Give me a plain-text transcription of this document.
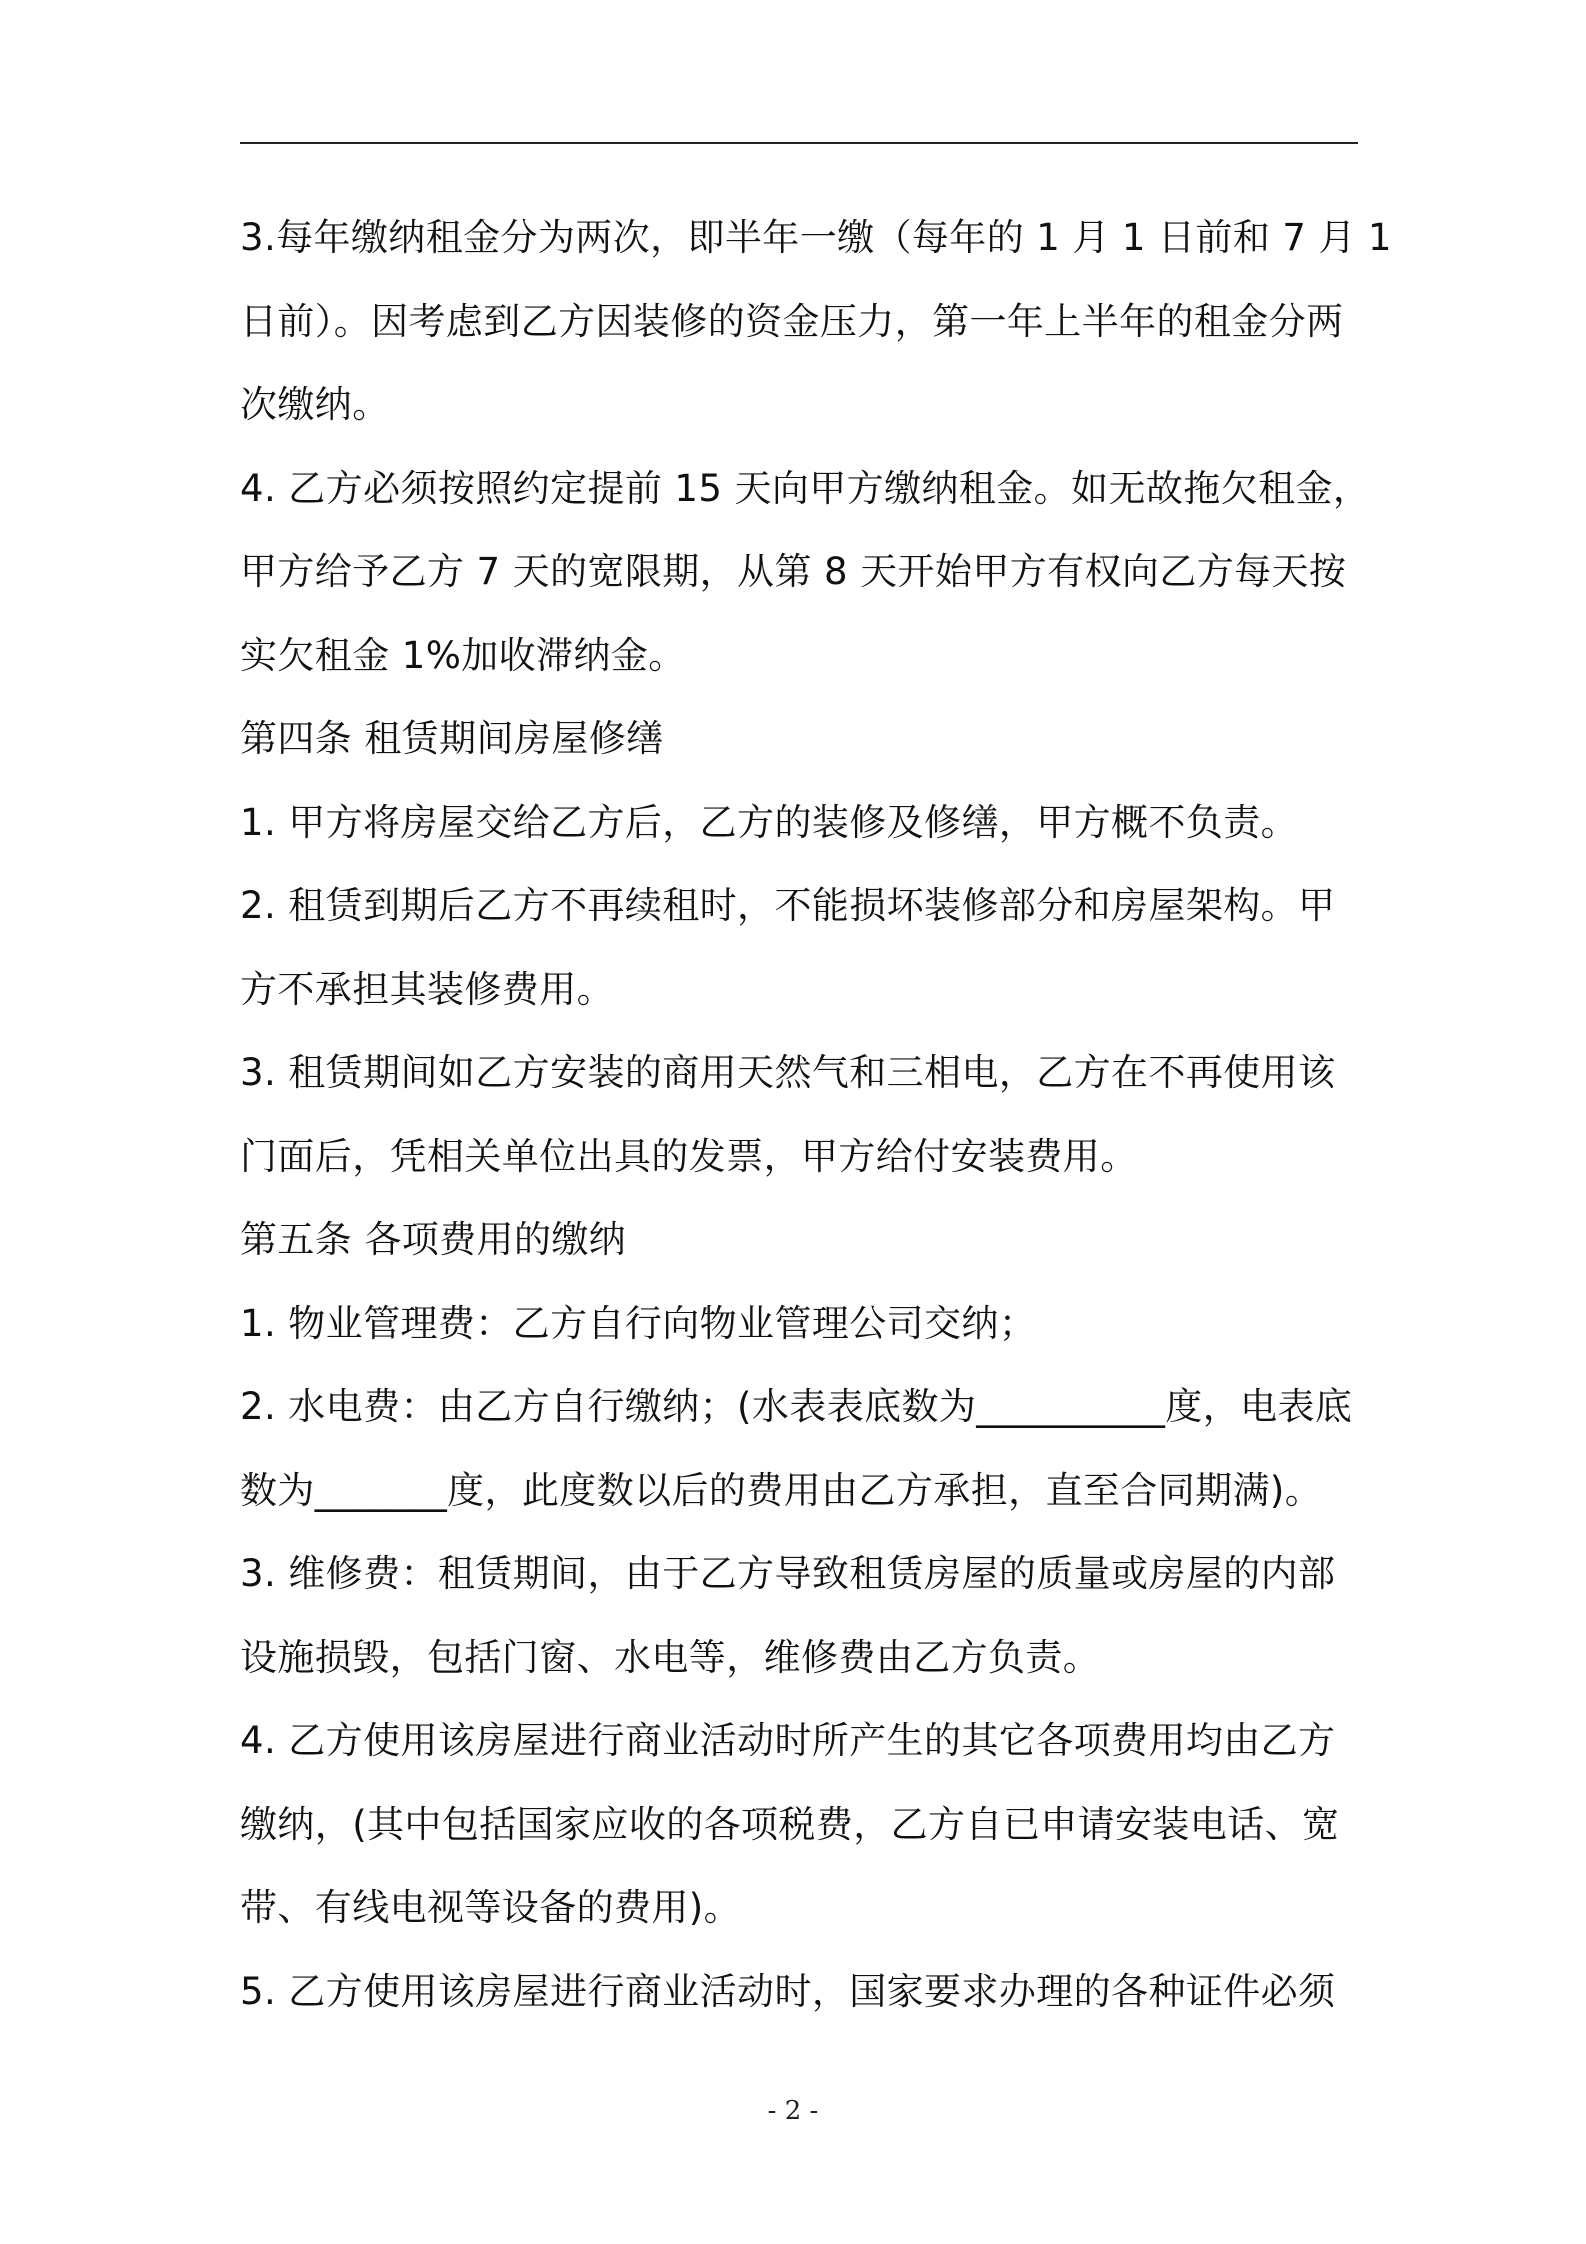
3.每年缴纳租金分为两次，即半年一缴（每年的 1 月 1 日前和 7 月 1
日前）。因考虑到乙方因装修的资金压力，第一年上半年的租金分两
次缴纳。
4. 乙方必须按照约定提前 15 天向甲方缴纳租金。如无故拖欠租金，
甲方给予乙方 7 天的宽限期，从第 8 天开始甲方有权向乙方每天按
实欠租金 1%加收滞纳金。
第四条 租赁期间房屋修缮
1. 甲方将房屋交给乙方后，乙方的装修及修缮，甲方概不负责。
2. 租赁到期后乙方不再续租时，不能损坏装修部分和房屋架构。甲
方不承担其装修费用。
3. 租赁期间如乙方安装的商用天然气和三相电，乙方在不再使用该
门面后，凭相关单位出具的发票，甲方给付安装费用。
第五条 各项费用的缴纳
1. 物业管理费：乙方自行向物业管理公司交纳；
2. 水电费：由乙方自行缴纳；(水表表底数为__________度，电表底
数为_______度，此度数以后的费用由乙方承担，直至合同期满)。
3. 维修费：租赁期间，由于乙方导致租赁房屋的质量或房屋的内部
设施损毁，包括门窗、水电等，维修费由乙方负责。
4. 乙方使用该房屋进行商业活动时所产生的其它各项费用均由乙方
缴纳，(其中包括国家应收的各项税费，乙方自已申请安装电话、宽
带、有线电视等设备的费用)。
5. 乙方使用该房屋进行商业活动时，国家要求办理的各种证件必须
- 2 -
